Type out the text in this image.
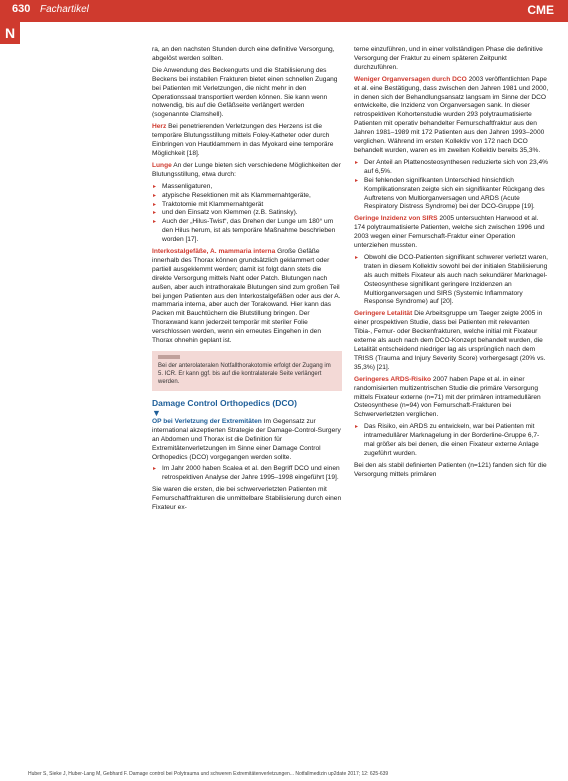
630 Fachartikel	CME
N

ra, an den nachsten Stunden durch eine definitive Versorgung, abgelöst werden sollten.

Die Anwendung des Beckengurts und die Stabilisierung des Beckens bei instabilen Frakturen bietet einen schnellen Zugang bei Patienten mit Verletzungen, die nicht mehr in den Operationssaal transportiert werden können. Sie kann wenn notwendig, bis auf die Gefäßseite verlängert werden (sogenannte Clamshell).

Herz Bei penetrierenden Verletzungen des Herzens ist die temporäre Blutungsstillung mittels Foley-Katheter oder durch Einbringen von Hautklammern in das Myokard eine temporäre Möglichkeit [18].

Lunge An der Lunge bieten sich verschiedene Möglichkeiten der Blutungsstillung, etwa durch:

▸ Massenligaturen,
▸ atypische Resektionen mit als Klammernahtgeräte,
▸ Traktotomie mit Klammernahtgerät
▸ und den Einsatz von Klemmen (z.B. Satinsky).
▸ Auch der „Hilus-Twist“, das Drehen der Lunge um 180° um den Hilus herum, ist als temporäre Maßnahme beschrieben worden [17].

Interkostalgefäße, A. mammaria interna Große Gefäße innerhalb des Thorax können grundsätzlich geklammert oder partiell ausgeklemmt werden; damit ist folgt dann stets die direkte Versorgung mittels Naht oder Patch. Blutungen nach außen, aber auch intrathorakale Blutungen sind zum großen Teil bei jungen Patienten aus den Interkostalgefäßen oder aus der A. mammaria interna, aber auch der Torakowand. Hier kann das Packen mit Bauchtüchern die Blutstillung bringen. Der Thoraxwand kann jederzeit temporär mit steriler Folie verschlossen werden, wenn ein erneutes Eingehen in den Thorax ohnehin geplant ist.

Bei der anterolateralen Notfallthorakotomie erfolgt der Zugang im 5. ICR. Er kann ggf. bis auf die kontralaterale Seite verlängert werden.
Damage Control Orthopedics (DCO)
▼

OP bei Verletzung der Extremitäten Im Gegensatz zur international akzeptierten Strategie der Damage-Control-Surgery an Abdomen und Thorax ist die Definition für Extremitätenverletzungen im Sinne einer Damage Control Orthopedics (DCO) vorgegangen werden sollte.

▸ Im Jahr 2000 haben Scalea et al. den Begriff DCO und einen retrospektiven Analyse der Jahre 1995–1998 eingeführt [19].

Sie waren die ersten, die bei schwerverletzten Patienten mit Femurschaftfrakturen die unmittelbare Stabilisierung durch einen Fixateur ex-

terne einzuführen, und in einer vollständigen Phase die definitive Versorgung der Fraktur zu einem späteren Zeitpunkt durchzuführen.

Weniger Organversagen durch DCO 2003 veröffentlichten Pape et al. eine Bestätigung, dass zwischen den Jahren 1981 und 2000, in denen sich der Behandlungsansatz langsam im Sinne der DCO entwickelte, die Inzidenz von Organversagen sank. In dieser retrospektiven Kohortenstudie wurden 293 polytraumatisierte Patienten mit operativ behandelter Femurschaftfraktur aus den Jahren 1981–1989 mit 172 Patienten aus den Jahren 1993–2000 verglichen. Während im ersten Kollektiv von 172 nach DCO behandelt wurden, waren es im zweiten Kollektiv bereits 35,3%.

▸ Der Anteil an Plattenosteosynthesen reduzierte sich von 23,4% auf 6,5%.
▸ Bei fehlenden signifikanten Unterschied hinsichtlich Komplikationsraten zeigte sich ein signifikanter Rückgang des Auftretens von Multiorganversagen und ARDS (Acute Respiratory Distress Syndrome) bei der DCO-Gruppe [19].

Geringe Inzidenz von SIRS 2005 untersuchten Harwood et al. 174 polytraumatisierte Patienten, welche sich zwischen 1996 und 2003 wegen einer Femurschaft-Fraktur einer Operation unterziehen mussten.

▸ Obwohl die DCO-Patienten signifikant schwerer verletzt waren, traten in diesem Kollektiv sowohl bei der initialen Stabilisierung als auch mittels Fixateur als auch nach sekundärer Marknagel-Osteosynthese signifikant geringere Inzidenzen an Multiorganversagen und SIRS (Systemic Inflammatory Response Syndrome) auf [20].

Geringere Letalität Die Arbeitsgruppe um Taeger zeigte 2005 in einer prospektiven Studie, dass bei Patienten mit relevanten Tibia-, Femur- oder Beckenfrakturen, welche initial mit Fixateur externe als auch nach dem DCO-Konzept behandelt wurden, die Letalität entscheidend niedriger lag als ursprünglich nach dem TRISS (Trauma and Injury Severity Score) vorhergesagt (20% vs. 35,3%) [21].

Geringeres ARDS-Risiko 2007 haben Pape et al. in einer randomisierten multizentrischen Studie die primäre Versorgung mittels Fixateur externe (n=71) mit der primären intramedullären Osteosynthese (n=94) von Femurschaft-Frakturen bei Schwerverletzten verglichen.

▸ Das Risiko, ein ARDS zu entwickeln, war bei Patienten mit intramedullärer Marknagelung in der Borderline-Gruppe 6,7-mal größer als bei denen, die einen Fixateur externe Anlage zugeführt wurden.

Bei den als stabil definierten Patienten (n=121) fanden sich für die Versorgung mittels primären

Huber S, Sieke J, Huber-Lang M, Gebhard F. Damage control bei Polytrauma und schweren Extremitätenverletzungen... Notfallmedizin up2date 2017; 12: 625-639
